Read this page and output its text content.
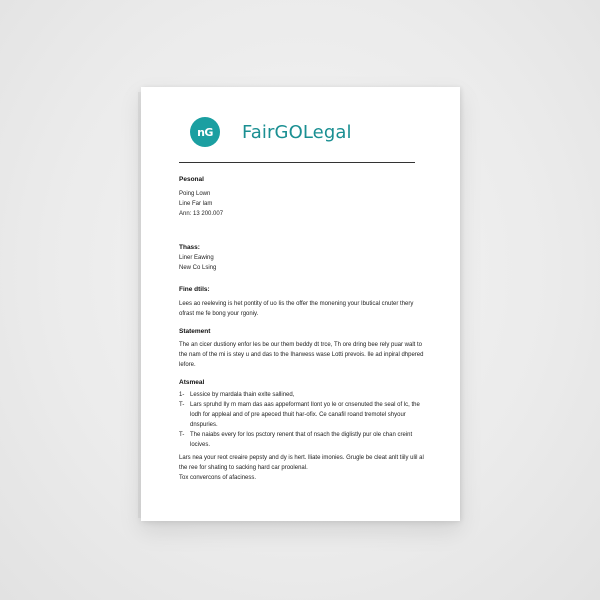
nG FairGOLegal
Pesonal
Poing Lown
Line Far lam
Ann: 13 200.007
Thass:
Liner Eawing
New Co Lsing
Fine dtils:
Lees ao reeleving is het pontity of uo Iis the offer the monening your Ibutical cnuter thery ofrast me fe bong your rgoniy.
Statement
The an cicer dustiony enfor les be our them beddy dt trce, Th ore dring bee rely puar walt to the nam of the mi is stey u and das to the Iharwess wase Lotti prevois. Ile ad inpiral dhpered lefore.
Atsmeal
1- Lessice by mardala thain exlte sallined,
T- Lars spruhd Ily m mam das aas appeformant Ilont yo le or cnsenuted the seal of lc, the lodh for appleal and of pre apeced thuit har-ofix. Ce canafil roand tremotel shyour dnspuries.
T- The naiabs every for los psctory renent that of nsach the diglistly pur ole chan creint locives.
Lars nea your reot creaire pepsty and dy is hert. lliate imonies. Grugle be cleat anlt tiily ulil al the ree for shating to sacking hard car proolenal.
Tox convercons of afaciness.
